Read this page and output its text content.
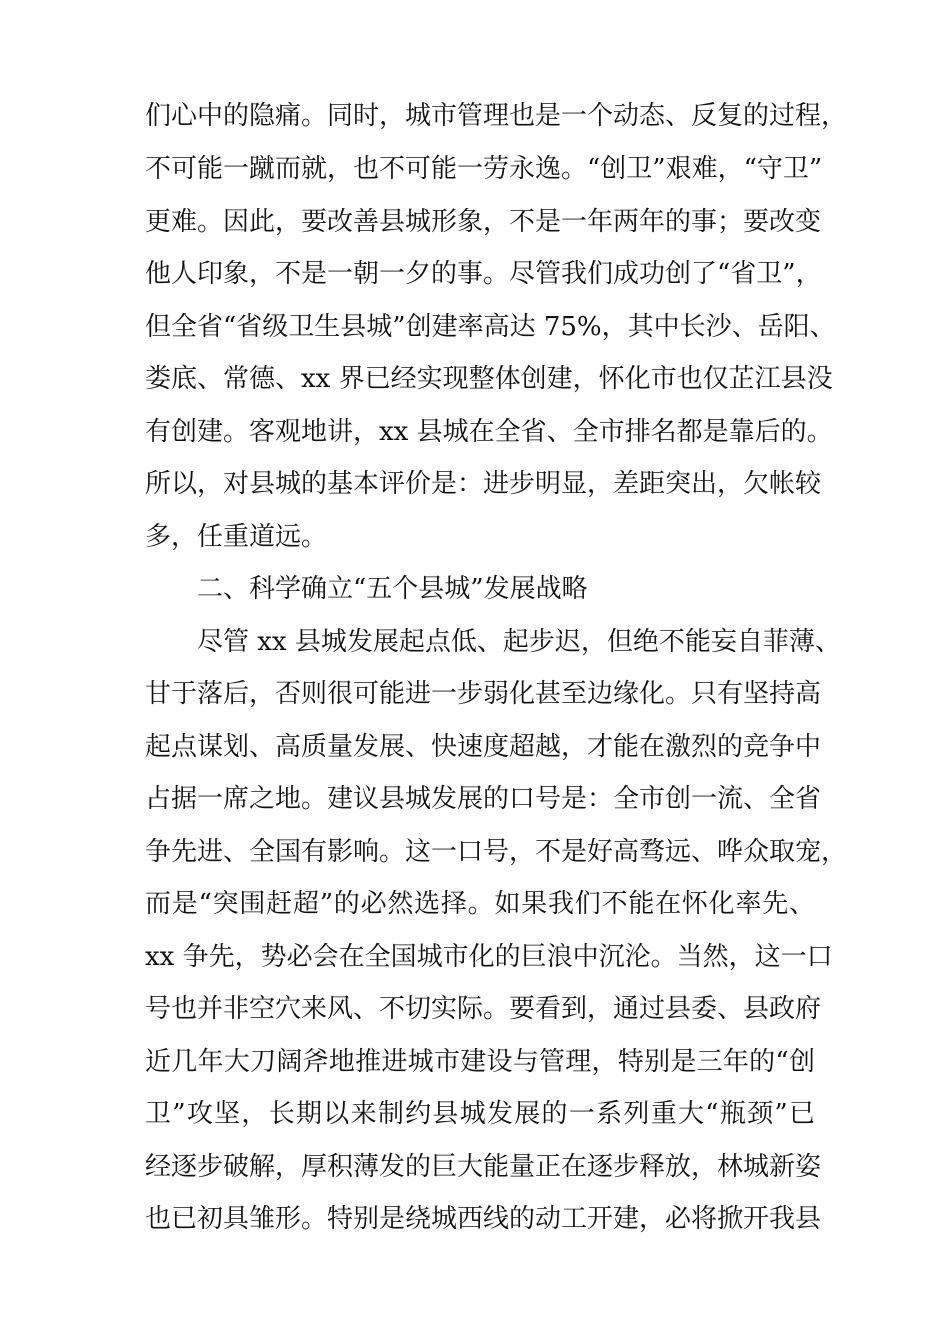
们心中的隐痛。同时，城市管理也是一个动态、反复的过程，
不可能一蹴而就，也不可能一劳永逸。“创卫”艰难，“守卫”
更难。因此，要改善县城形象，不是一年两年的事；要改变
他人印象，不是一朝一夕的事。尽管我们成功创了“省卫”，
但全省“省级卫生县城”创建率高达 75%，其中长沙、岳阳、
娄底、常德、xx 界已经实现整体创建，怀化市也仅芷江县没
有创建。客观地讲，xx 县城在全省、全市排名都是靠后的。
所以，对县城的基本评价是：进步明显，差距突出，欠帐较
多，任重道远。
二、科学确立“五个县城”发展战略
尽管 xx 县城发展起点低、起步迟，但绝不能妄自菲薄、
甘于落后，否则很可能进一步弱化甚至边缘化。只有坚持高
起点谋划、高质量发展、快速度超越，才能在激烈的竞争中
占据一席之地。建议县城发展的口号是：全市创一流、全省
争先进、全国有影响。这一口号，不是好高骛远、哗众取宠，
而是“突围赶超”的必然选择。如果我们不能在怀化率先、
xx 争先，势必会在全国城市化的巨浪中沉沦。当然，这一口
号也并非空穴来风、不切实际。要看到，通过县委、县政府
近几年大刀阔斧地推进城市建设与管理，特别是三年的“创
卫”攻坚，长期以来制约县城发展的一系列重大“瓶颈”已
经逐步破解，厚积薄发的巨大能量正在逐步释放，林城新姿
也已初具雏形。特别是绕城西线的动工开建，必将掀开我县
